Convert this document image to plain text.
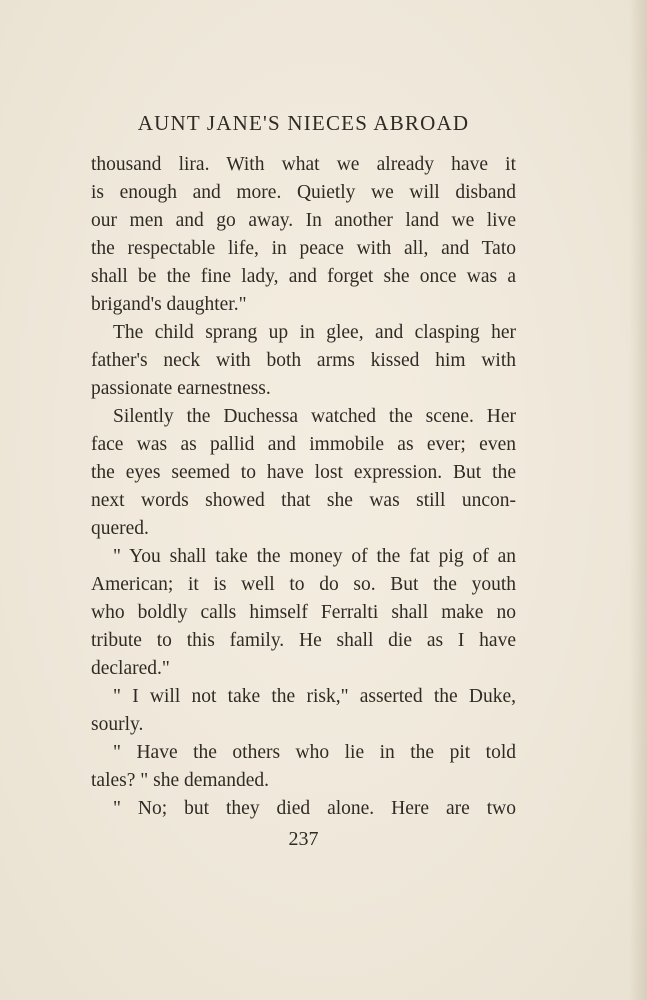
AUNT JANE'S NIECES ABROAD
thousand lira. With what we already have it
is enough and more. Quietly we will disband
our men and go away. In another land we live
the respectable life, in peace with all, and Tato
shall be the fine lady, and forget she once was a
brigand's daughter."
The child sprang up in glee, and clasping her
father's neck with both arms kissed him with
passionate earnestness.
Silently the Duchessa watched the scene. Her
face was as pallid and immobile as ever; even
the eyes seemed to have lost expression. But the
next words showed that she was still uncon-
quered.
" You shall take the money of the fat pig of an
American; it is well to do so. But the youth
who boldly calls himself Ferralti shall make no
tribute to this family. He shall die as I have
declared."
" I will not take the risk," asserted the Duke,
sourly.
" Have the others who lie in the pit told
tales? " she demanded.
" No; but they died alone. Here are two
237
